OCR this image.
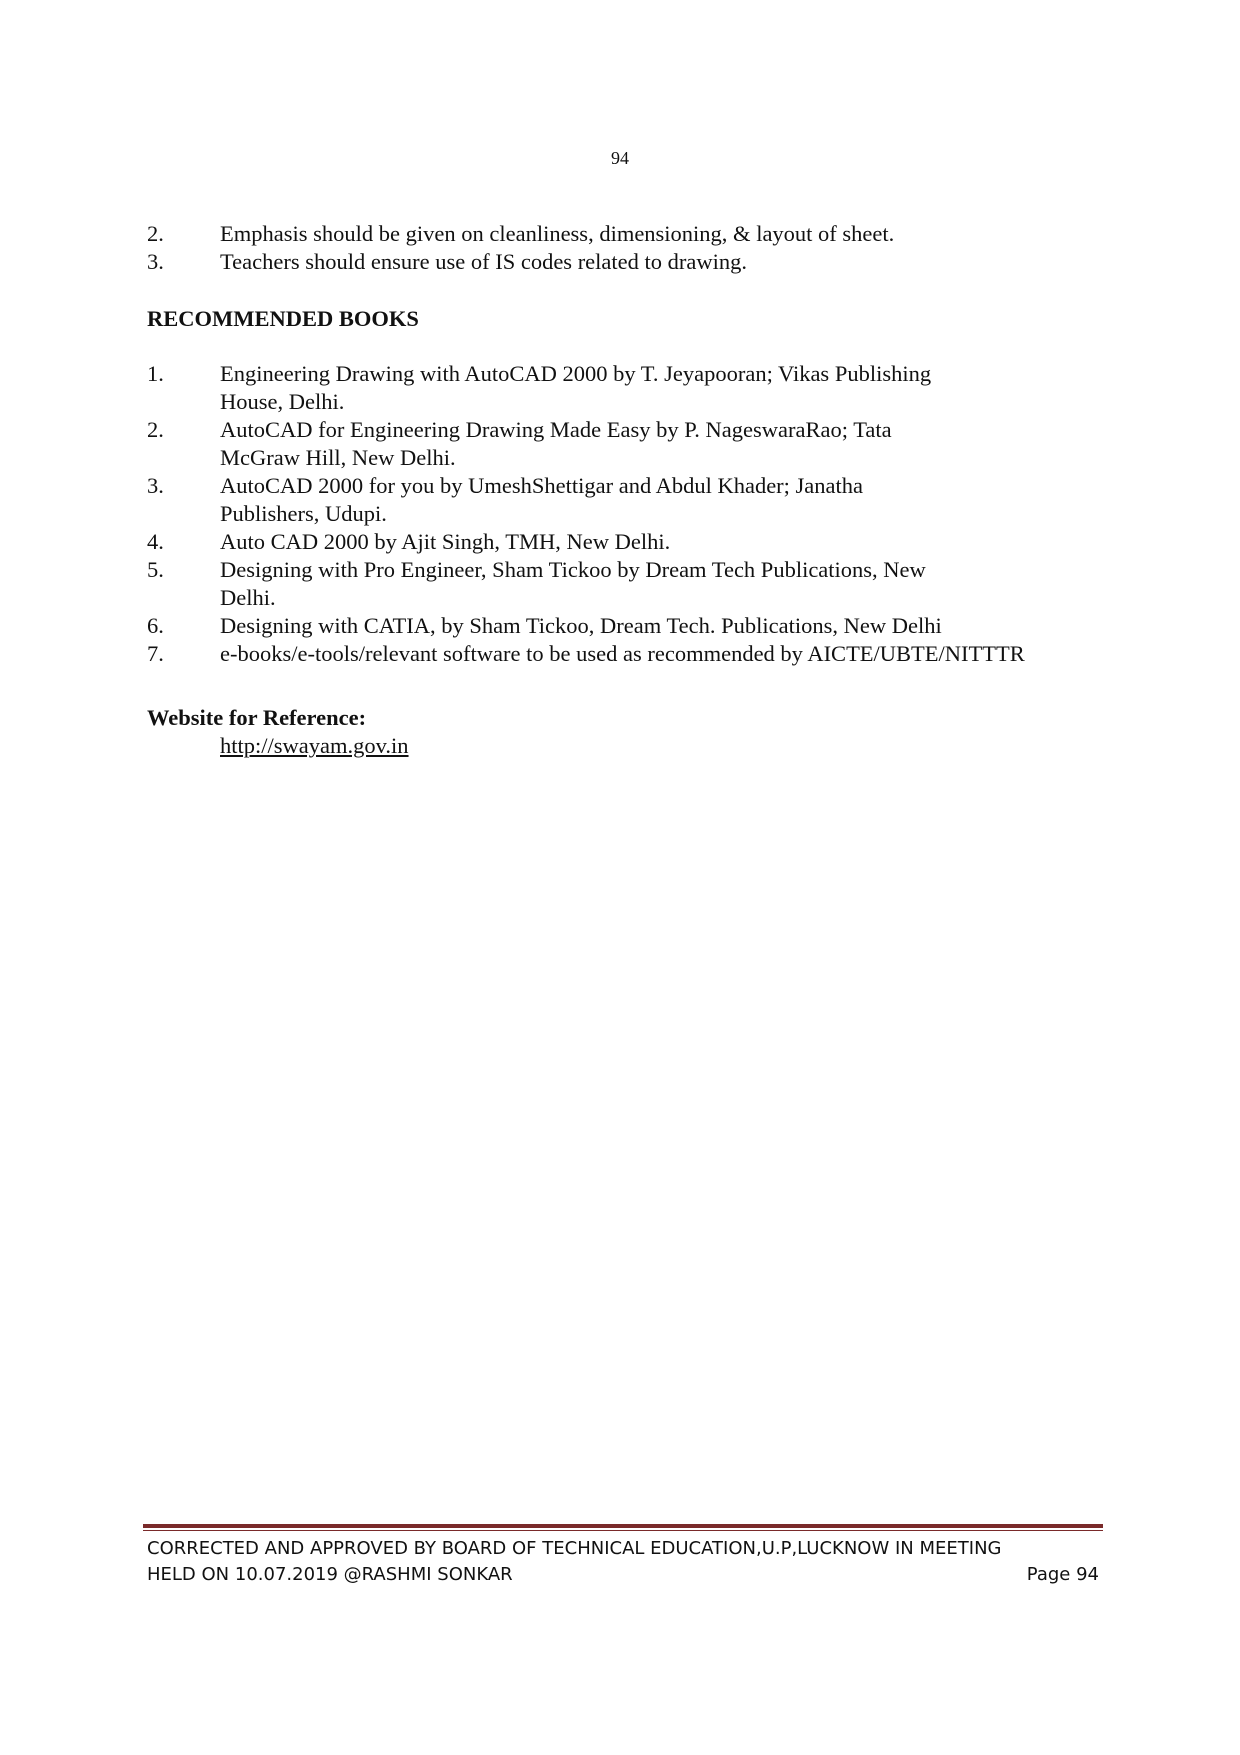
94
2.	Emphasis should be given on cleanliness, dimensioning, & layout of sheet.
3.	Teachers should ensure use of IS codes related to drawing.
RECOMMENDED BOOKS
1.	Engineering Drawing with AutoCAD 2000 by T. Jeyapooran; Vikas Publishing
House, Delhi.
2.	AutoCAD for Engineering Drawing Made Easy by P. NageswaraRao; Tata
McGraw Hill, New Delhi.
3.	AutoCAD 2000 for you by UmeshShettigar and Abdul Khader; Janatha
Publishers, Udupi.
4.	Auto CAD 2000 by Ajit Singh, TMH, New Delhi.
5.	Designing with Pro Engineer, Sham Tickoo by Dream Tech Publications, New
Delhi.
6.	Designing with CATIA, by Sham Tickoo, Dream Tech. Publications, New Delhi
7.	e-books/e-tools/relevant software to be used as recommended by AICTE/UBTE/NITTTR
Website for Reference:
http://swayam.gov.in
CORRECTED AND APPROVED BY BOARD OF TECHNICAL EDUCATION,U.P,LUCKNOW IN MEETING
HELD ON 10.07.2019 @RASHMI SONKAR	Page 94
